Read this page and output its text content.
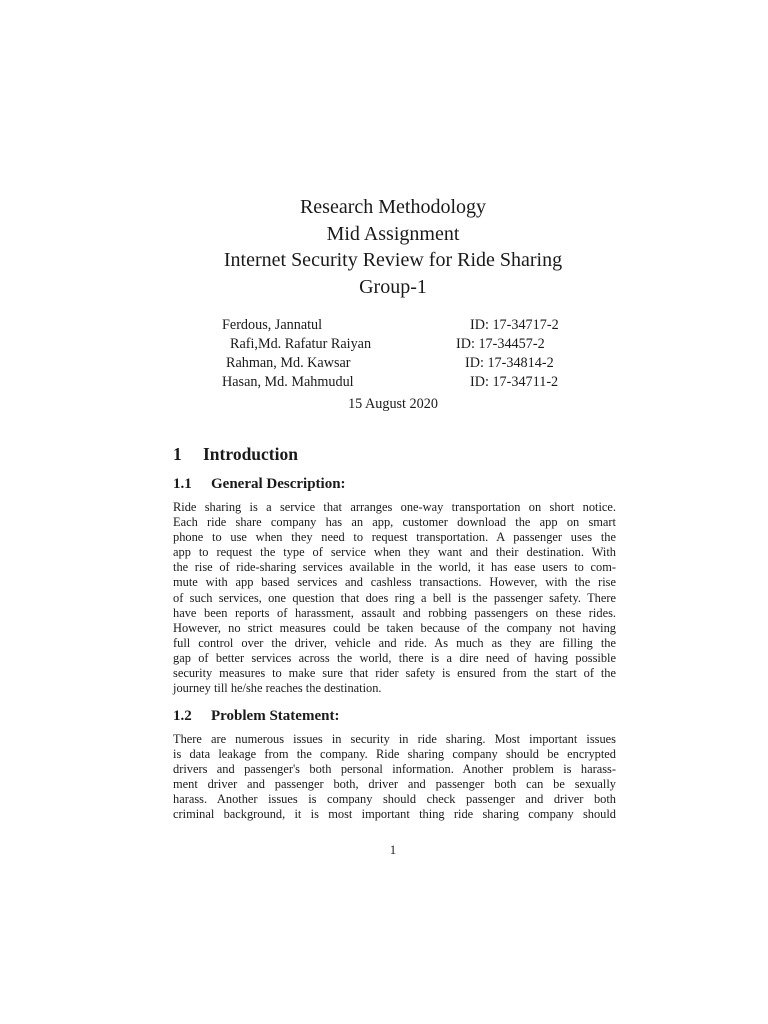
Research Methodology
Mid Assignment
Internet Security Review for Ride Sharing
Group-1
Ferdous, Jannatul	ID: 17-34717-2
Rafi,Md. Rafatur Raiyan	ID: 17-34457-2
Rahman, Md. Kawsar	ID: 17-34814-2
Hasan, Md. Mahmudul	ID: 17-34711-2
15 August 2020
1 Introduction
1.1 General Description:

Ride sharing is a service that arranges one-way transportation on short notice.

Each ride share company has an app, customer download the app on smart

phone to use when they need to request transportation. A passenger uses the

app to request the type of service when they want and their destination. With

the rise of ride-sharing services available in the world, it has ease users to com-

mute with app based services and cashless transactions. However, with the rise

of such services, one question that does ring a bell is the passenger safety. There

have been reports of harassment, assault and robbing passengers on these rides.

However, no strict measures could be taken because of the company not having

full control over the driver, vehicle and ride. As much as they are filling the

gap of better services across the world, there is a dire need of having possible

security measures to make sure that rider safety is ensured from the start of the

journey till he/she reaches the destination.

1.2 Problem Statement:

There are numerous issues in security in ride sharing. Most important issues

is data leakage from the company. Ride sharing company should be encrypted

drivers and passenger's both personal information. Another problem is harass-

ment driver and passenger both, driver and passenger both can be sexually

harass. Another issues is company should check passenger and driver both

criminal background, it is most important thing ride sharing company should

1
